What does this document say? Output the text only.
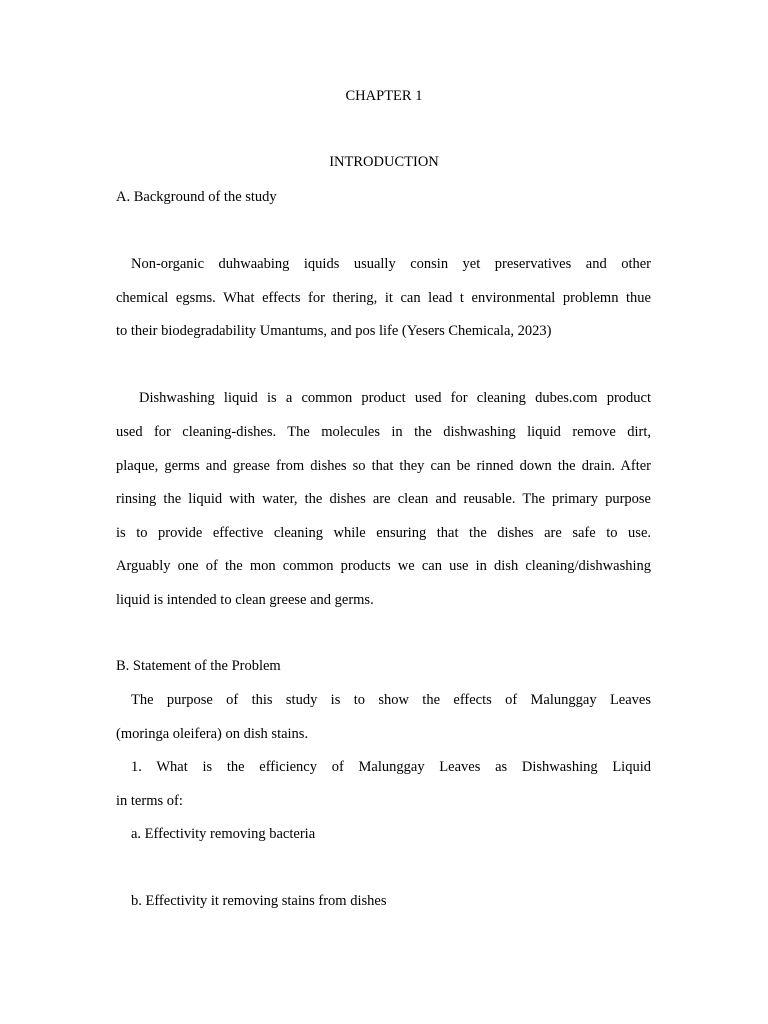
CHAPTER 1
INTRODUCTION
A. Background of the study
Non-organic duhwaabing iquids usually consin yet preservatives and other
chemical egsms. What effects for thering, it can lead t environmental problemn thue
to their biodegradability Umantums, and pos life (Yesers Chemicala, 2023)
Dishwashing liquid is a common product used for cleaning dubes.com product
used for cleaning-dishes. The molecules in the dishwashing liquid remove dirt,
plaque, germs and grease from dishes so that they can be rinned down the drain. After
rinsing the liquid with water, the dishes are clean and reusable. The primary purpose
is to provide effective cleaning while ensuring that the dishes are safe to use.
Arguably one of the mon common products we can use in dish cleaning/dishwashing
liquid is intended to clean greese and germs.
B. Statement of the Problem
The purpose of this study is to show the effects of Malunggay Leaves
(moringa oleifera) on dish stains.
1. What is the efficiency of Malunggay Leaves as Dishwashing Liquid
in terms of:
a. Effectivity removing bacteria
b. Effectivity it removing stains from dishes
